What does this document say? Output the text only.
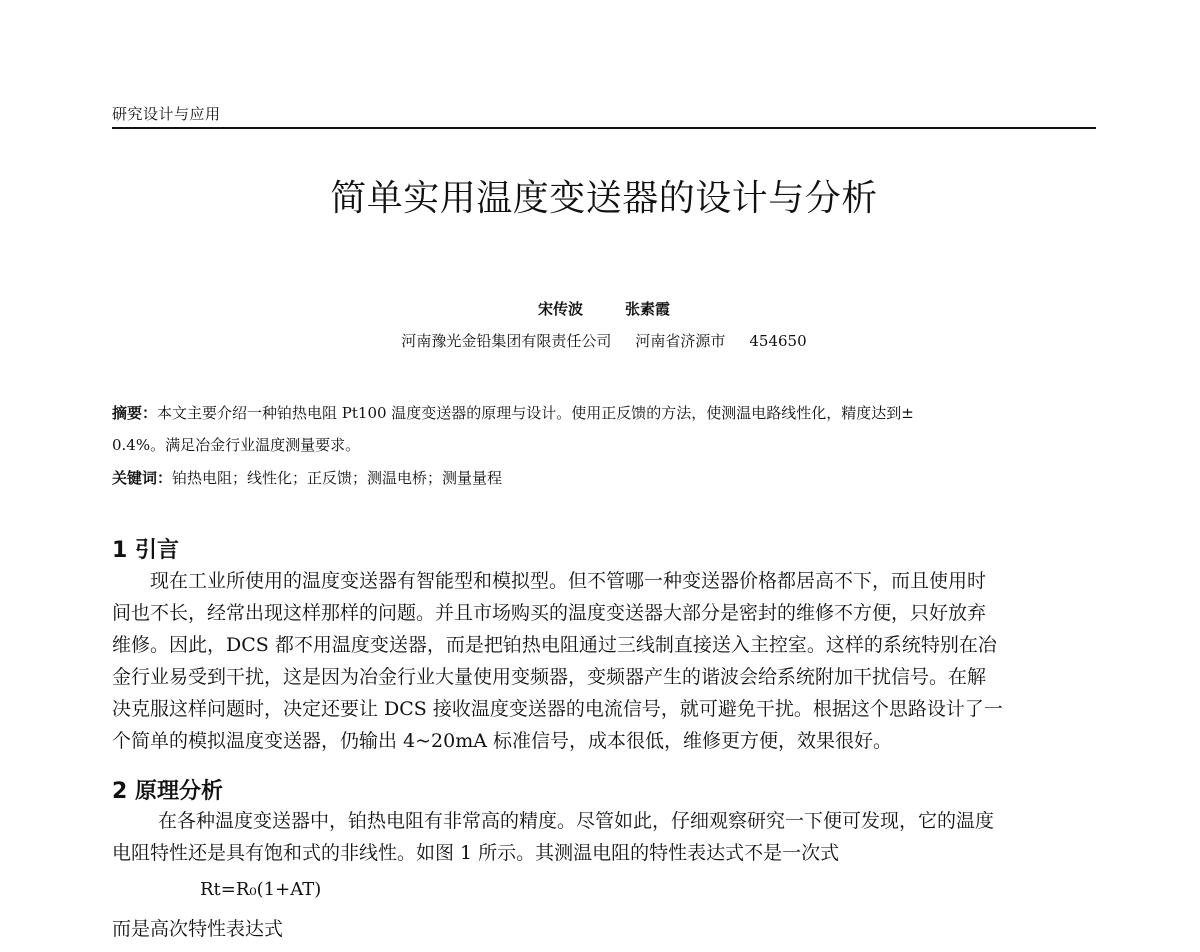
研究设计与应用
简单实用温度变送器的设计与分析
宋传波	张素霞
河南豫光金铅集团有限责任公司 河南省济源市 454650
摘要：本文主要介绍一种铂热电阻 Pt100 温度变送器的原理与设计。使用正反馈的方法，使测温电路线性化，精度达到±
0.4%。满足冶金行业温度测量要求。
关键词：铂热电阻；线性化；正反馈；测温电桥；测量量程
1 引言
现在工业所使用的温度变送器有智能型和模拟型。但不管哪一种变送器价格都居高不下，而且使用时
间也不长，经常出现这样那样的问题。并且市场购买的温度变送器大部分是密封的维修不方便，只好放弃
维修。因此，DCS 都不用温度变送器，而是把铂热电阻通过三线制直接送入主控室。这样的系统特别在冶
金行业易受到干扰，这是因为冶金行业大量使用变频器，变频器产生的谐波会给系统附加干扰信号。在解
决克服这样问题时，决定还要让 DCS 接收温度变送器的电流信号，就可避免干扰。根据这个思路设计了一
个简单的模拟温度变送器，仍输出 4~20mA 标准信号，成本很低，维修更方便，效果很好。
2 原理分析
在各种温度变送器中，铂热电阻有非常高的精度。尽管如此，仔细观察研究一下便可发现，它的温度
电阻特性还是具有饱和式的非线性。如图 1 所示。其测温电阻的特性表达式不是一次式
Rt=R₀(1+AT)
而是高次特性表达式
